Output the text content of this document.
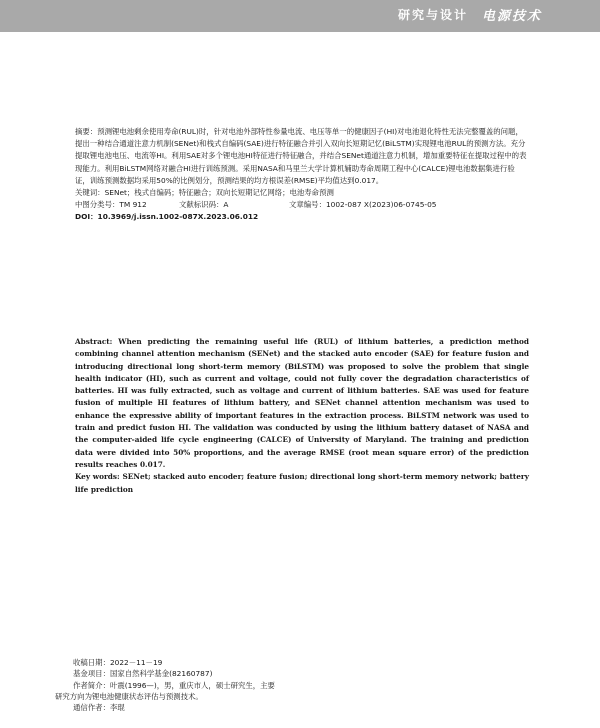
研究与设计 电源技术

摘要：预测锂电池剩余使用寿命(RUL)时，针对电池外部特性参量电流、电压等单一的健康因子(HI)对电池退化特性无法完整覆盖的问题，提出一种结合通道注意力机制(SENet)和栈式自编码(SAE)进行特征融合并引入双向长短期记忆(BiLSTM)实现锂电池RUL的预测方法。充分提取锂电池电压、电流等HI。利用SAE对多个锂电池HI特征进行特征融合，并结合SENet通道注意力机制，增加重要特征在提取过程中的表现能力。利用BiLSTM网络对融合HI进行训练预测。采用NASA和马里兰大学计算机辅助寿命周期工程中心(CALCE)锂电池数据集进行验证，训练预测数据均采用50%的比例划分，预测结果的均方根误差(RMSE)平均值达到0.017。

关键词：SENet；栈式自编码；特征融合；双向长短期记忆网络；电池寿命预测

中图分类号：TM 912	文献标识码：A	文章编号：1002-087 X(2023)06-0745-05

DOI：10.3969/j.issn.1002-087X.2023.06.012

Abstract: When predicting the remaining useful life (RUL) of lithium batteries, a prediction method combining channel attention mechanism (SENet) and the stacked auto encoder (SAE) for feature fusion and introducing directional long short-term memory (BiLSTM) was proposed to solve the problem that single health indicator (HI), such as current and voltage, could not fully cover the degradation characteristics of batteries. HI was fully extracted, such as voltage and current of lithium batteries. SAE was used for feature fusion of multiple HI features of lithium battery, and SENet channel attention mechanism was used to enhance the expressive ability of important features in the extraction process. BiLSTM network was used to train and predict fusion HI. The validation was conducted by using the lithium battery dataset of NASA and the computer-aided life cycle engineering (CALCE) of University of Maryland. The training and prediction data were divided into 50% proportions, and the average RMSE (root mean square error) of the prediction results reaches 0.017.

Key words: SENet; stacked auto encoder; feature fusion; directional long short-term memory network; battery life prediction

收稿日期：2022－11－19
基金项目：国家自然科学基金(82160787)
作者简介：叶震(1996—)，男，重庆市人，硕士研究生，主要
研究方向为锂电池健康状态评估与预测技术。
通信作者：李琨
